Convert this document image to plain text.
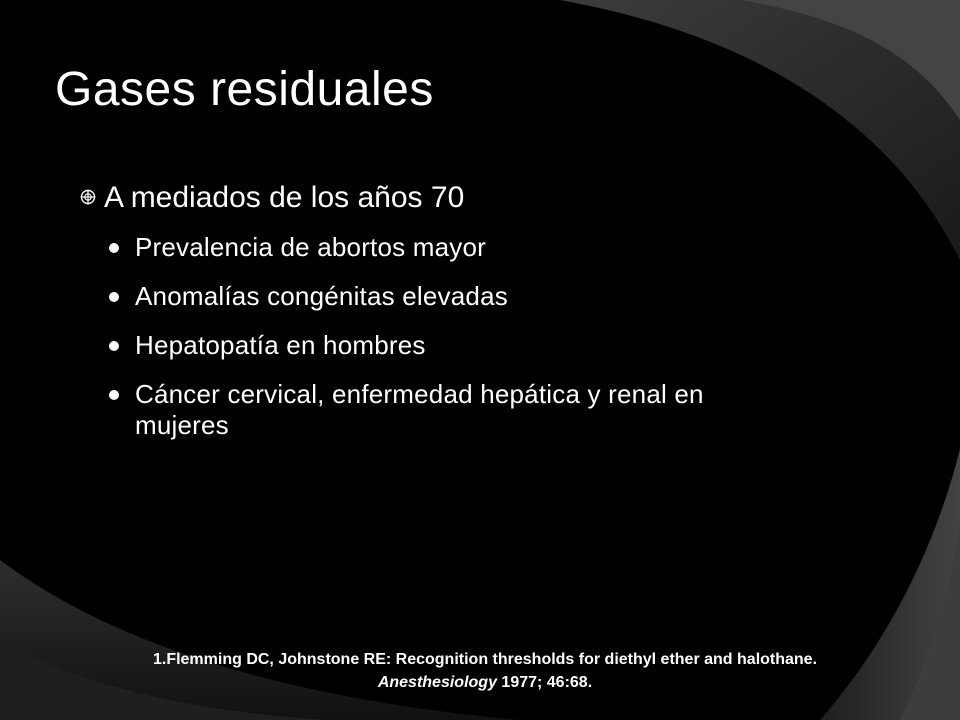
Gases residuales
A mediados de los años 70
Prevalencia de abortos mayor
Anomalías congénitas elevadas
Hepatopatía en hombres
Cáncer cervical, enfermedad hepática y renal en mujeres
1.Flemming DC, Johnstone RE: Recognition thresholds for diethyl ether and halothane. Anesthesiology 1977; 46:68.
